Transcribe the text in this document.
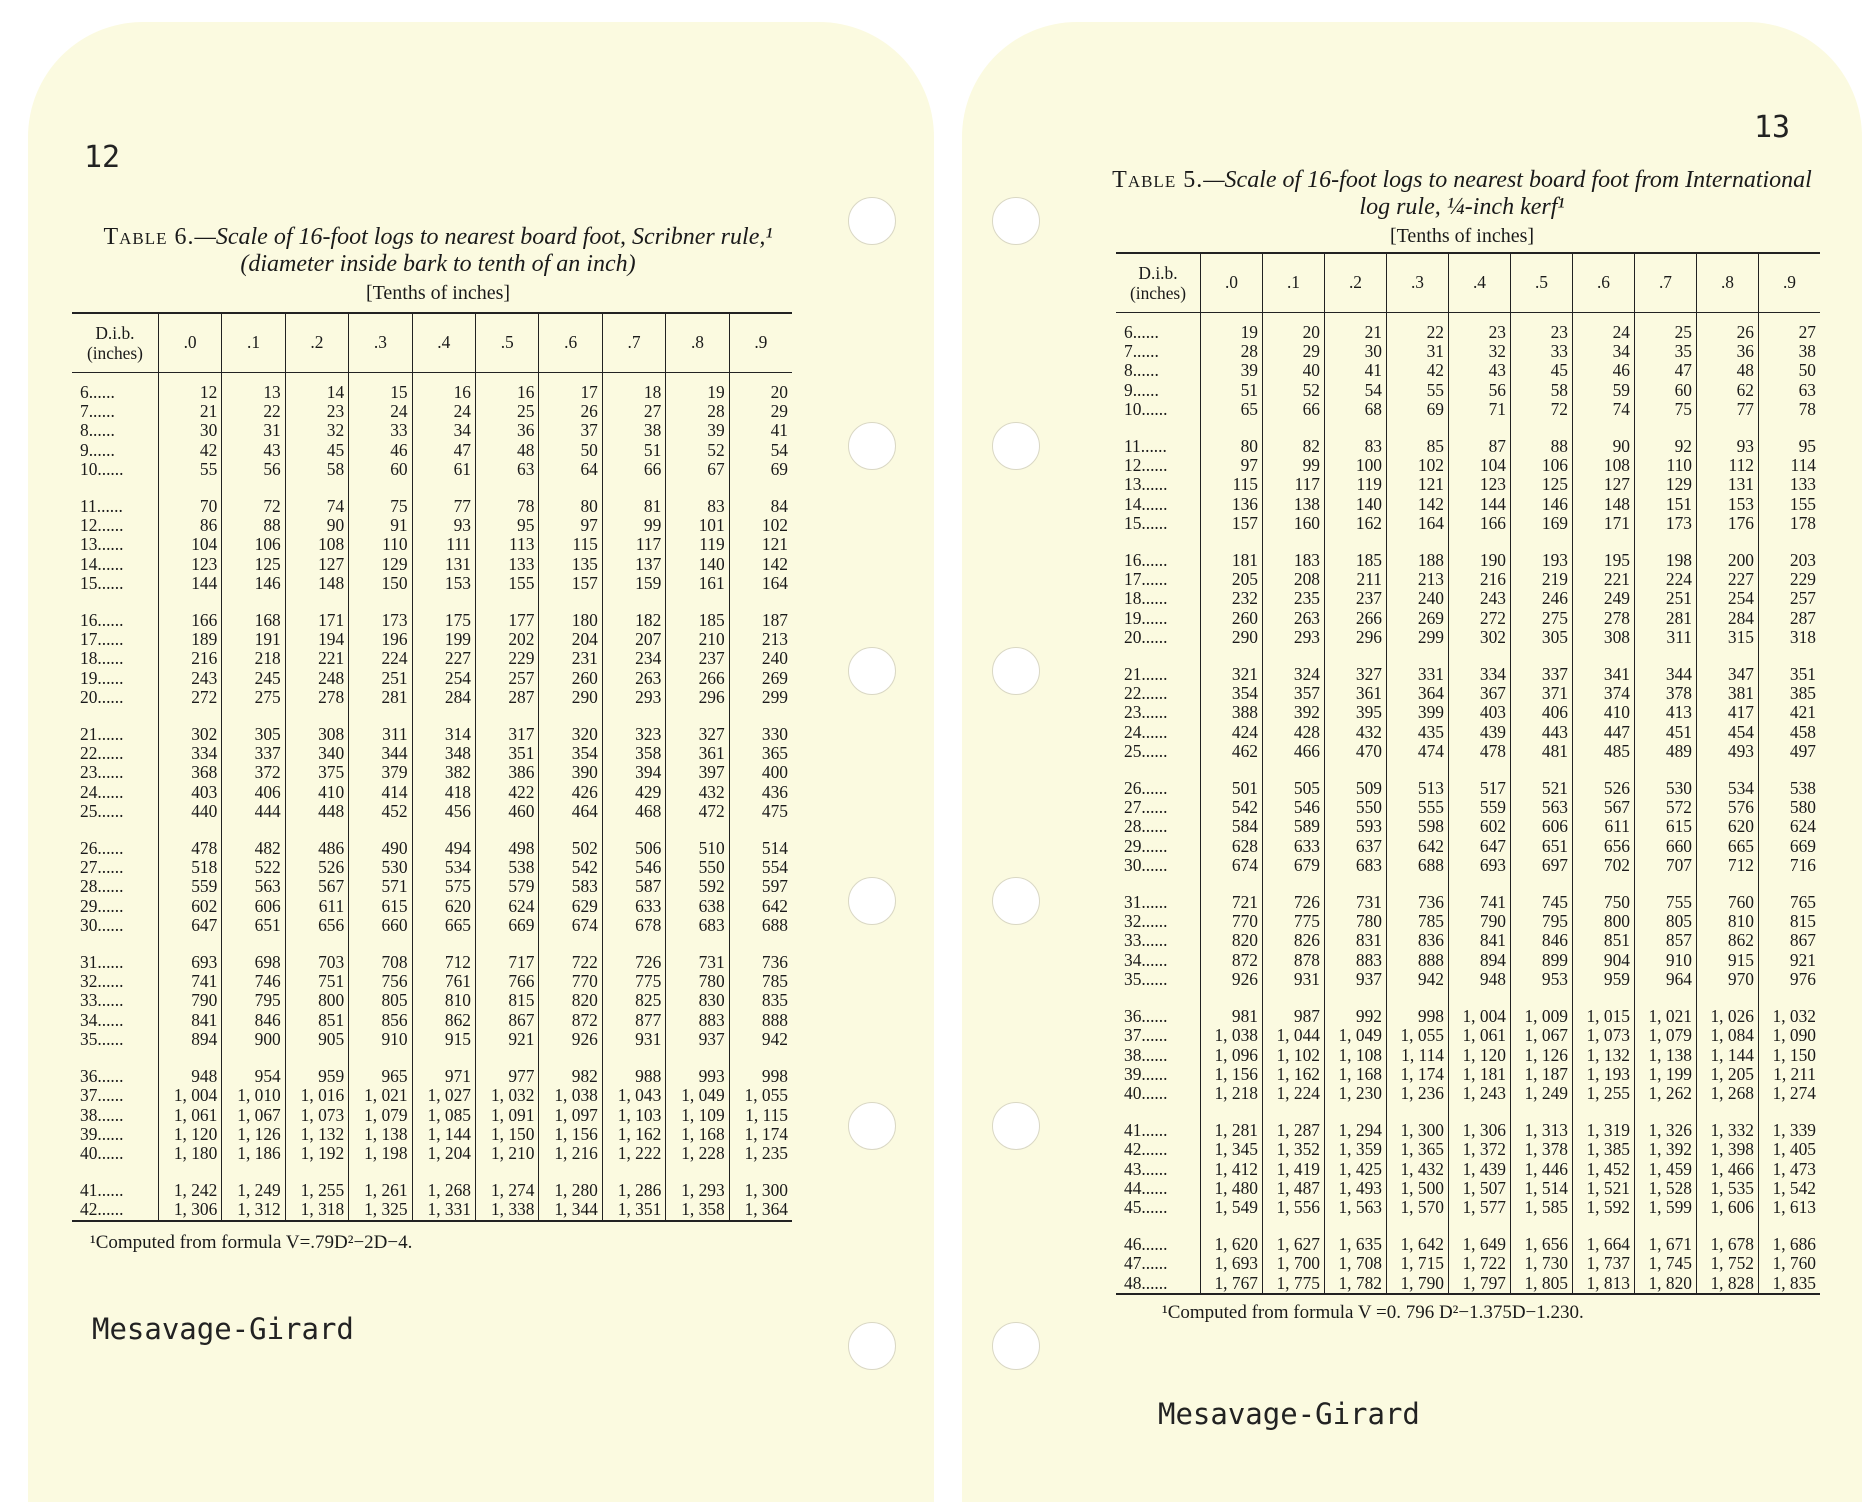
12
Table 6.—Scale of 16-foot logs to nearest board foot, Scribner rule,¹ (diameter inside bark to tenth of an inch)
[Tenths of inches]
D.i.b. (inches)	.0	.1	.2	.3	.4	.5	.6	.7	.8	.9

6......	12	13	14	15	16	16	17	18	19	20
7......	21	22	23	24	24	25	26	27	28	29
8......	30	31	32	33	34	36	37	38	39	41
9......	42	43	45	46	47	48	50	51	52	54
10......	55	56	58	60	61	63	64	66	67	69

11......	70	72	74	75	77	78	80	81	83	84
12......	86	88	90	91	93	95	97	99	101	102
13......	104	106	108	110	111	113	115	117	119	121
14......	123	125	127	129	131	133	135	137	140	142
15......	144	146	148	150	153	155	157	159	161	164

16......	166	168	171	173	175	177	180	182	185	187
17......	189	191	194	196	199	202	204	207	210	213
18......	216	218	221	224	227	229	231	234	237	240
19......	243	245	248	251	254	257	260	263	266	269
20......	272	275	278	281	284	287	290	293	296	299

21......	302	305	308	311	314	317	320	323	327	330
22......	334	337	340	344	348	351	354	358	361	365
23......	368	372	375	379	382	386	390	394	397	400
24......	403	406	410	414	418	422	426	429	432	436
25......	440	444	448	452	456	460	464	468	472	475

26......	478	482	486	490	494	498	502	506	510	514
27......	518	522	526	530	534	538	542	546	550	554
28......	559	563	567	571	575	579	583	587	592	597
29......	602	606	611	615	620	624	629	633	638	642
30......	647	651	656	660	665	669	674	678	683	688

31......	693	698	703	708	712	717	722	726	731	736
32......	741	746	751	756	761	766	770	775	780	785
33......	790	795	800	805	810	815	820	825	830	835
34......	841	846	851	856	862	867	872	877	883	888
35......	894	900	905	910	915	921	926	931	937	942

36......	948	954	959	965	971	977	982	988	993	998
37......	1, 004	1, 010	1, 016	1, 021	1, 027	1, 032	1, 038	1, 043	1, 049	1, 055
38......	1, 061	1, 067	1, 073	1, 079	1, 085	1, 091	1, 097	1, 103	1, 109	1, 115
39......	1, 120	1, 126	1, 132	1, 138	1, 144	1, 150	1, 156	1, 162	1, 168	1, 174
40......	1, 180	1, 186	1, 192	1, 198	1, 204	1, 210	1, 216	1, 222	1, 228	1, 235

41......	1, 242	1, 249	1, 255	1, 261	1, 268	1, 274	1, 280	1, 286	1, 293	1, 300
42......	1, 306	1, 312	1, 318	1, 325	1, 331	1, 338	1, 344	1, 351	1, 358	1, 364
¹Computed from formula V=.79D²−2D−4.
Mesavage-Girard
13
Table 5.—Scale of 16-foot logs to nearest board foot from International log rule, ¼-inch kerf¹
[Tenths of inches]
D.i.b. (inches)	.0	.1	.2	.3	.4	.5	.6	.7	.8	.9

6......	19	20	21	22	23	23	24	25	26	27
7......	28	29	30	31	32	33	34	35	36	38
8......	39	40	41	42	43	45	46	47	48	50
9......	51	52	54	55	56	58	59	60	62	63
10......	65	66	68	69	71	72	74	75	77	78

11......	80	82	83	85	87	88	90	92	93	95
12......	97	99	100	102	104	106	108	110	112	114
13......	115	117	119	121	123	125	127	129	131	133
14......	136	138	140	142	144	146	148	151	153	155
15......	157	160	162	164	166	169	171	173	176	178

16......	181	183	185	188	190	193	195	198	200	203
17......	205	208	211	213	216	219	221	224	227	229
18......	232	235	237	240	243	246	249	251	254	257
19......	260	263	266	269	272	275	278	281	284	287
20......	290	293	296	299	302	305	308	311	315	318

21......	321	324	327	331	334	337	341	344	347	351
22......	354	357	361	364	367	371	374	378	381	385
23......	388	392	395	399	403	406	410	413	417	421
24......	424	428	432	435	439	443	447	451	454	458
25......	462	466	470	474	478	481	485	489	493	497

26......	501	505	509	513	517	521	526	530	534	538
27......	542	546	550	555	559	563	567	572	576	580
28......	584	589	593	598	602	606	611	615	620	624
29......	628	633	637	642	647	651	656	660	665	669
30......	674	679	683	688	693	697	702	707	712	716

31......	721	726	731	736	741	745	750	755	760	765
32......	770	775	780	785	790	795	800	805	810	815
33......	820	826	831	836	841	846	851	857	862	867
34......	872	878	883	888	894	899	904	910	915	921
35......	926	931	937	942	948	953	959	964	970	976

36......	981	987	992	998	1, 004	1, 009	1, 015	1, 021	1, 026	1, 032
37......	1, 038	1, 044	1, 049	1, 055	1, 061	1, 067	1, 073	1, 079	1, 084	1, 090
38......	1, 096	1, 102	1, 108	1, 114	1, 120	1, 126	1, 132	1, 138	1, 144	1, 150
39......	1, 156	1, 162	1, 168	1, 174	1, 181	1, 187	1, 193	1, 199	1, 205	1, 211
40......	1, 218	1, 224	1, 230	1, 236	1, 243	1, 249	1, 255	1, 262	1, 268	1, 274

41......	1, 281	1, 287	1, 294	1, 300	1, 306	1, 313	1, 319	1, 326	1, 332	1, 339
42......	1, 345	1, 352	1, 359	1, 365	1, 372	1, 378	1, 385	1, 392	1, 398	1, 405
43......	1, 412	1, 419	1, 425	1, 432	1, 439	1, 446	1, 452	1, 459	1, 466	1, 473
44......	1, 480	1, 487	1, 493	1, 500	1, 507	1, 514	1, 521	1, 528	1, 535	1, 542
45......	1, 549	1, 556	1, 563	1, 570	1, 577	1, 585	1, 592	1, 599	1, 606	1, 613

46......	1, 620	1, 627	1, 635	1, 642	1, 649	1, 656	1, 664	1, 671	1, 678	1, 686
47......	1, 693	1, 700	1, 708	1, 715	1, 722	1, 730	1, 737	1, 745	1, 752	1, 760
48......	1, 767	1, 775	1, 782	1, 790	1, 797	1, 805	1, 813	1, 820	1, 828	1, 835
¹Computed from formula V =0. 796 D²−1.375D−1.230.
Mesavage-Girard
